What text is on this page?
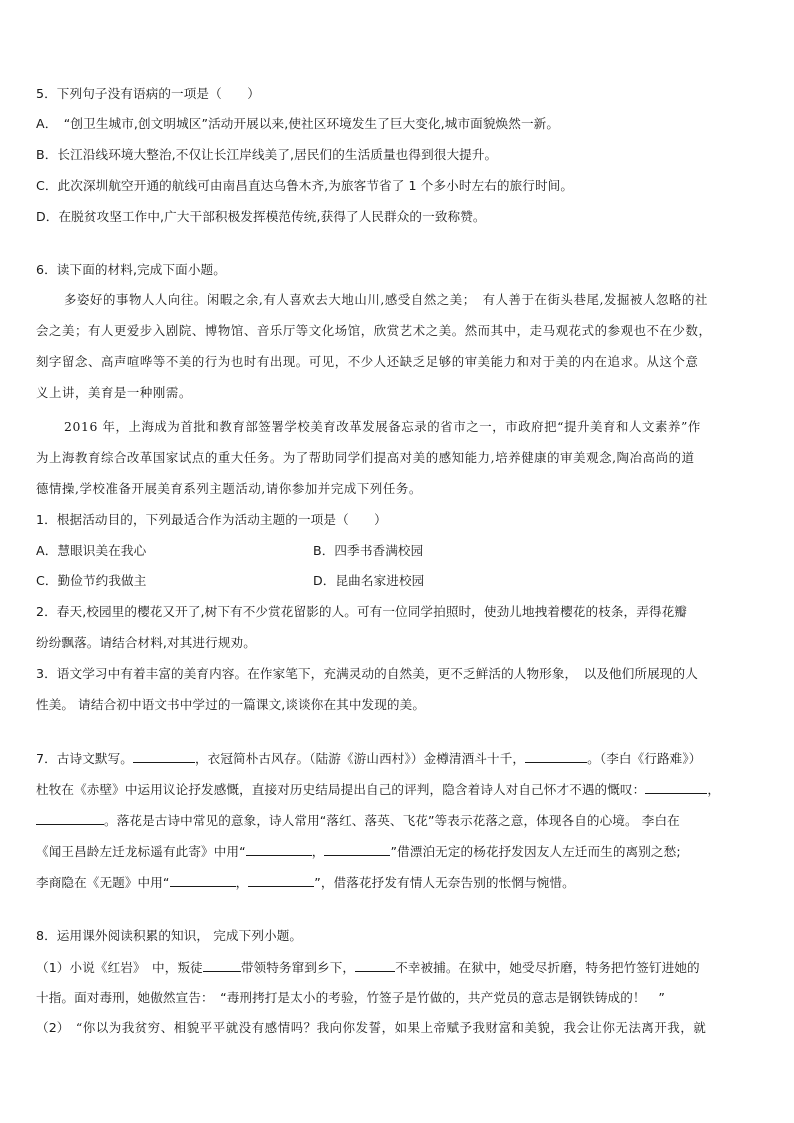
5．下列句子没有语病的一项是（　　）
A．　“创卫生城市,创文明城区”活动开展以来,使社区环境发生了巨大变化,城市面貌焕然一新。
B．长江沿线环境大整治,不仅让长江岸线美了,居民们的生活质量也得到很大提升。
C．此次深圳航空开通的航线可由南昌直达乌鲁木齐,为旅客节省了 1 个多小时左右的旅行时间。
D．在脱贫攻坚工作中,广大干部积极发挥模范传统,获得了人民群众的一致称赞。
6．读下面的材料,完成下面小题。
多姿好的事物人人向往。闲暇之余,有人喜欢去大地山川,感受自然之美；　有人善于在街头巷尾,发掘被人忽略的社
会之美；有人更爱步入剧院、博物馆、音乐厅等文化场馆，欣赏艺术之美。然而其中，走马观花式的参观也不在少数，
刻字留念、高声喧哗等不美的行为也时有出现。可见，不少人还缺乏足够的审美能力和对于美的内在追求。从这个意
义上讲，美育是一种刚需。
2016 年，上海成为首批和教育部签署学校美育改革发展备忘录的省市之一，市政府把“提升美育和人文素养”作
为上海教育综合改革国家试点的重大任务。为了帮助同学们提高对美的感知能力,培养健康的审美观念,陶冶高尚的道
德情操,学校准备开展美育系列主题活动,请你参加并完成下列任务。
1．根据活动目的，下列最适合作为活动主题的一项是（　　）
A．慧眼识美在我心	B．四季书香满校园
C．勤俭节约我做主	D．昆曲名家进校园
2．春天,校园里的樱花又开了,树下有不少赏花留影的人。可有一位同学拍照时，使劲儿地拽着樱花的枝条，弄得花瓣
纷纷飘落。请结合材料,对其进行规劝。
3．语文学习中有着丰富的美育内容。在作家笔下，充满灵动的自然美，更不乏鲜活的人物形象，　以及他们所展现的人
性美。 请结合初中语文书中学过的一篇课文,谈谈你在其中发现的美。
7．古诗文默写。	，衣冠简朴古风存。（陆游《游山西村》）金樽清酒斗十千，	。（李白《行路难》）
杜牧在《赤壁》中运用议论抒发感慨，直接对历史结局提出自己的评判，隐含着诗人对自己怀才不遇的慨叹：	，
。落花是古诗中常见的意象，诗人常用“落红、落英、飞花”等表示花落之意，体现各自的心境。 李白在
《闻王昌龄左迁龙标遥有此寄》中用“	，	”借漂泊无定的杨花抒发因友人左迁而生的离别之愁;
李商隐在《无题》中用“	，	”，借落花抒发有情人无奈告别的怅惘与惋惜。
8．运用课外阅读积累的知识， 完成下列小题。
（1）小说《红岩》　中，叛徒	带领特务窜到乡下，	不幸被捕。在狱中，她受尽折磨，特务把竹签钉进她的
十指。面对毒刑，她傲然宣告：　“毒刑拷打是太小的考验，竹签子是竹做的，共产党员的意志是钢铁铸成的！　”
（2）　“你以为我贫穷、相貌平平就没有感情吗？我向你发誓，如果上帝赋予我财富和美貌，我会让你无法离开我，就
